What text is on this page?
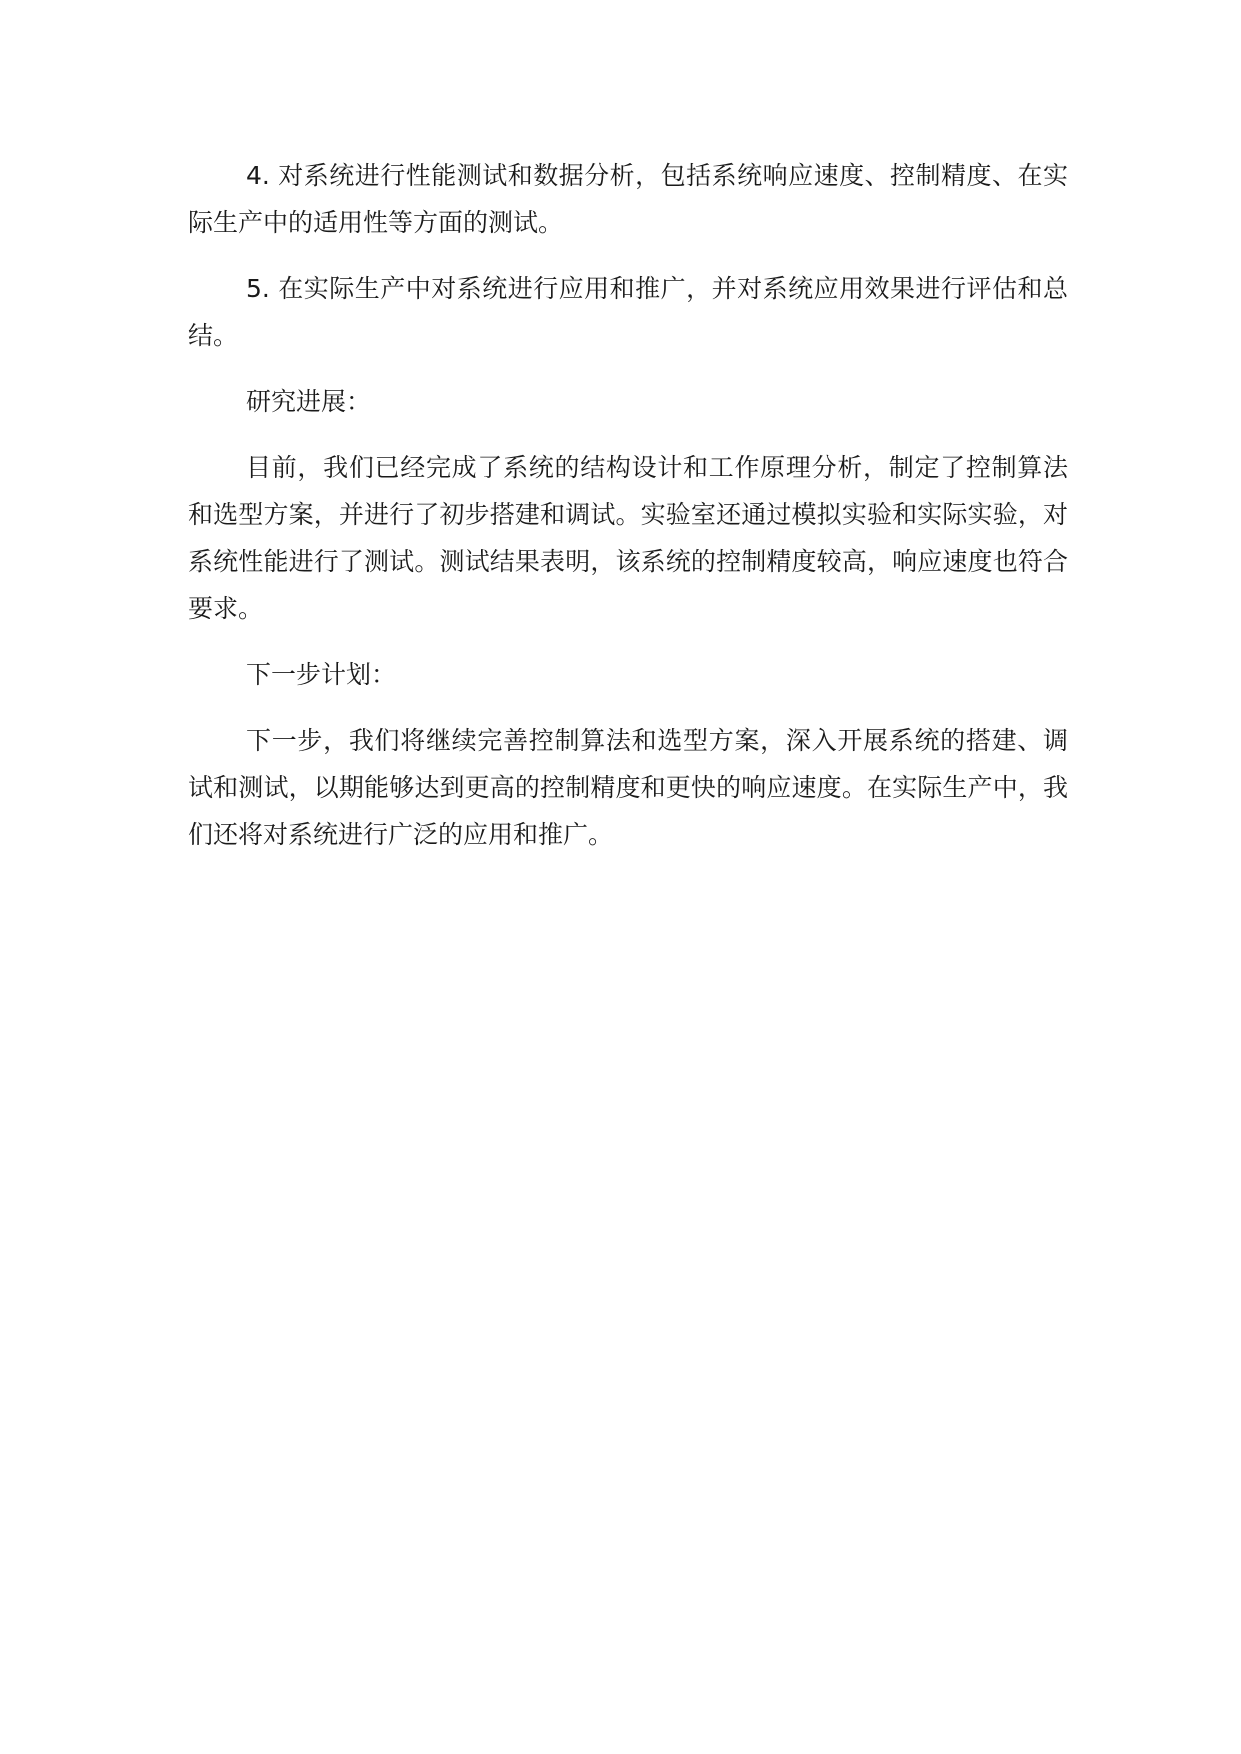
4. 对系统进行性能测试和数据分析，包括系统响应速度、控制精度、在实际生产中的适用性等方面的测试。

5. 在实际生产中对系统进行应用和推广，并对系统应用效果进行评估和总结。

研究进展：

目前，我们已经完成了系统的结构设计和工作原理分析，制定了控制算法和选型方案，并进行了初步搭建和调试。实验室还通过模拟实验和实际实验，对系统性能进行了测试。测试结果表明，该系统的控制精度较高，响应速度也符合要求。

下一步计划：

下一步，我们将继续完善控制算法和选型方案，深入开展系统的搭建、调试和测试，以期能够达到更高的控制精度和更快的响应速度。在实际生产中，我们还将对系统进行广泛的应用和推广。
